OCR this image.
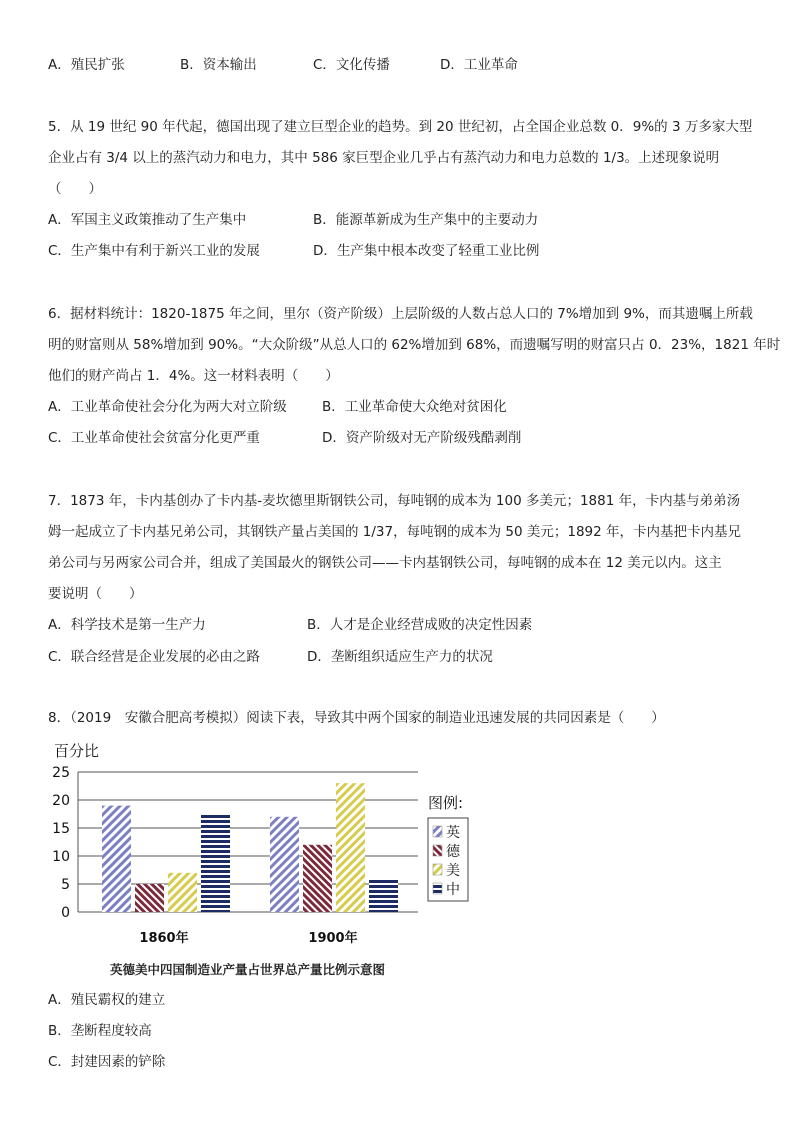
A．殖民扩张	B．资本输出	C．文化传播	D．工业革命
5．从 19 世纪 90 年代起，德国出现了建立巨型企业的趋势。到 20 世纪初，占全国企业总数 0．9%的 3 万多家大型
企业占有 3/4 以上的蒸汽动力和电力，其中 586 家巨型企业几乎占有蒸汽动力和电力总数的 1/3。上述现象说明
（　　）
A．军国主义政策推动了生产集中	B．能源革新成为生产集中的主要动力
C．生产集中有利于新兴工业的发展	D．生产集中根本改变了轻重工业比例
6．据材料统计：1820-1875 年之间，里尔（资产阶级）上层阶级的人数占总人口的 7%增加到 9%，而其遗嘱上所载
明的财富则从 58%增加到 90%。“大众阶级”从总人口的 62%增加到 68%，而遗嘱写明的财富只占 0．23%，1821 年时
他们的财产尚占 1．4%。这一材料表明（　　）
A．工业革命使社会分化为两大对立阶级	B．工业革命使大众绝对贫困化
C．工业革命使社会贫富分化更严重	D．资产阶级对无产阶级残酷剥削
7．1873 年，卡内基创办了卡内基-麦坎德里斯钢铁公司，每吨钢的成本为 100 多美元；1881 年，卡内基与弟弟汤
姆一起成立了卡内基兄弟公司，其钢铁产量占美国的 1/37，每吨钢的成本为 50 美元；1892 年，卡内基把卡内基兄
弟公司与另两家公司合并，组成了美国最火的钢铁公司——卡内基钢铁公司，每吨钢的成本在 12 美元以内。这主
要说明（　　）
A．科学技术是第一生产力	B．人才是企业经营成败的决定性因素
C．联合经营是企业发展的必由之路	D．垄断组织适应生产力的状况
8．（2019　安徽合肥高考模拟）阅读下表，导致其中两个国家的制造业迅速发展的共同因素是（　　）
百分比
0
5
10
15
20
25
1860年	1900年
图例:
英
德
美
中
英德美中四国制造业产量占世界总产量比例示意图
A．殖民霸权的建立
B．垄断程度较高
C．封建因素的铲除
